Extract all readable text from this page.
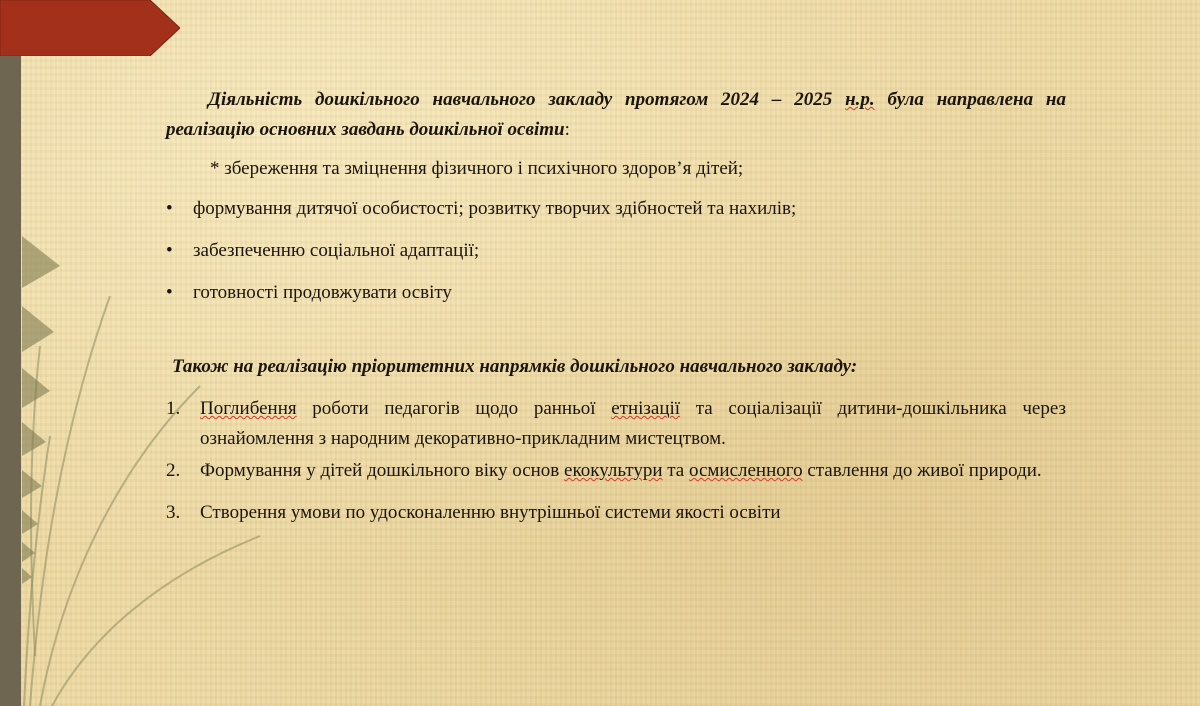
Діяльність дошкільного навчального закладу протягом 2024 – 2025 н.р. була направлена на реалізацію основних завдань дошкільної освіти:

* збереження та зміцнення фізичного і психічного здоров’я дітей;
• формування дитячої особистості; розвитку творчих здібностей та нахилів;
• забезпеченню соціальної адаптації;
• готовності продовжувати освіту

Також на реалізацію пріоритетних напрямків дошкільного навчального закладу:

1. Поглибення роботи педагогів щодо ранньої етнізації та соціалізації дитини-дошкільника через ознайомлення з народним декоративно-прикладним мистецтвом.
2. Формування у дітей дошкільного віку основ екокультури та осмисленного ставлення до живої природи.
3. Створення умови по удосконаленню внутрішньої системи якості освіти
